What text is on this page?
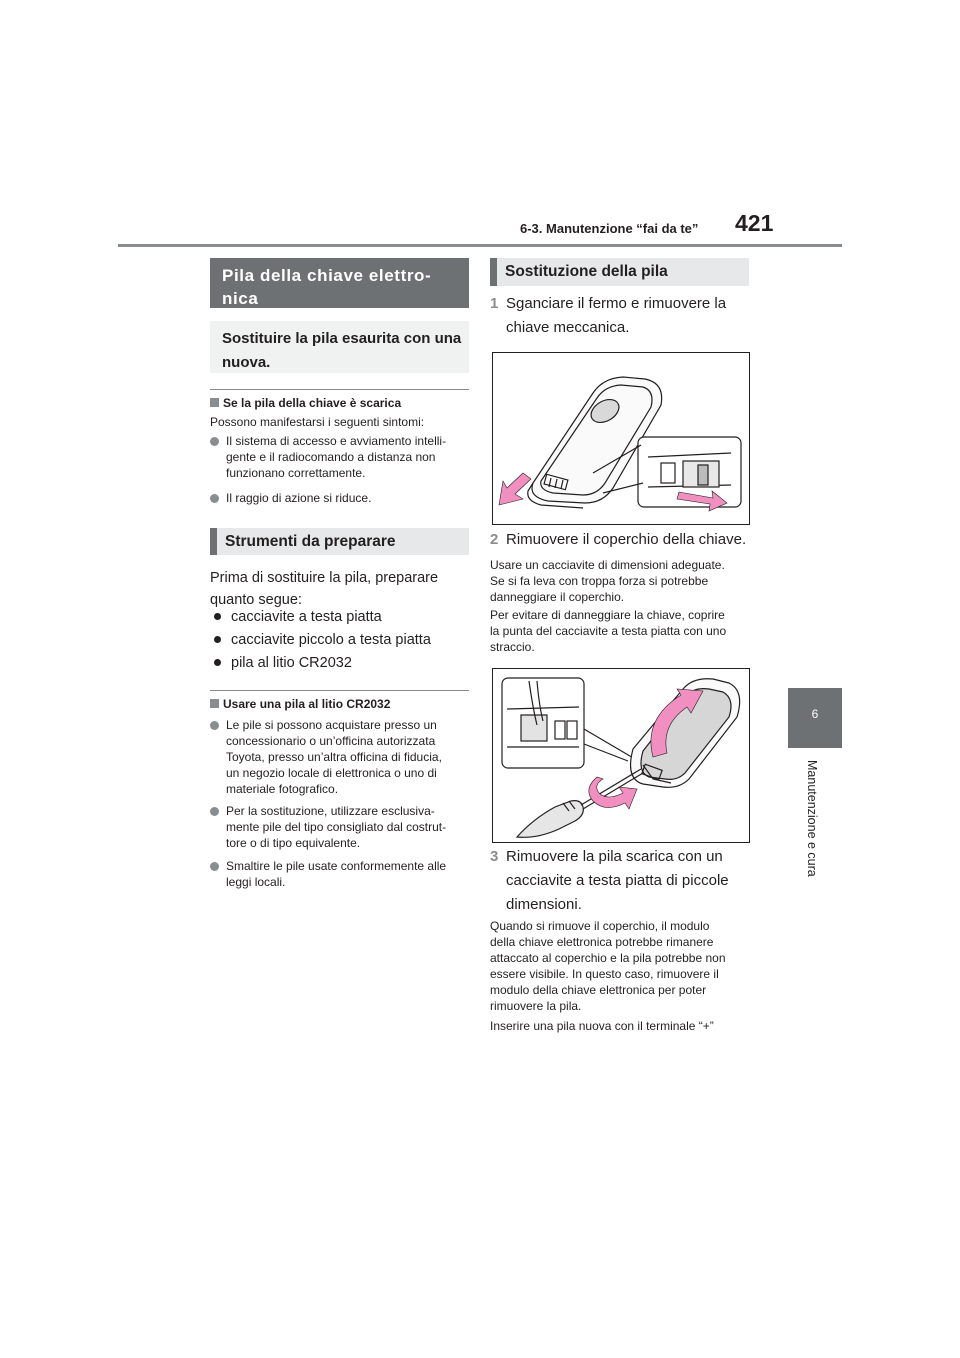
6-3. Manutenzione “fai da te” 421
6
Manutenzione e cura
Pila della chiave elettro-
nica
Sostituire la pila esaurita con una
nuova.
Se la pila della chiave è scarica
Possono manifestarsi i seguenti sintomi:
Il sistema di accesso e avviamento intelli-
gente e il radiocomando a distanza non
funzionano correttamente.
Il raggio di azione si riduce.
Strumenti da preparare
Prima di sostituire la pila, preparare
quanto segue:
cacciavite a testa piatta
cacciavite piccolo a testa piatta
pila al litio CR2032
Usare una pila al litio CR2032
Le pile si possono acquistare presso un
concessionario o un’officina autorizzata
Toyota, presso un’altra officina di fiducia,
un negozio locale di elettronica o uno di
materiale fotografico.
Per la sostituzione, utilizzare esclusiva-
mente pile del tipo consigliato dal costrut-
tore o di tipo equivalente.
Smaltire le pile usate conformemente alle
leggi locali.
Sostituzione della pila
1 Sganciare il fermo e rimuovere la
chiave meccanica.
2 Rimuovere il coperchio della chiave.
Usare un cacciavite di dimensioni adeguate.
Se si fa leva con troppa forza si potrebbe
danneggiare il coperchio.
Per evitare di danneggiare la chiave, coprire
la punta del cacciavite a testa piatta con uno
straccio.
3 Rimuovere la pila scarica con un
cacciavite a testa piatta di piccole
dimensioni.
Quando si rimuove il coperchio, il modulo
della chiave elettronica potrebbe rimanere
attaccato al coperchio e la pila potrebbe non
essere visibile. In questo caso, rimuovere il
modulo della chiave elettronica per poter
rimuovere la pila.
Inserire una pila nuova con il terminale “+”
